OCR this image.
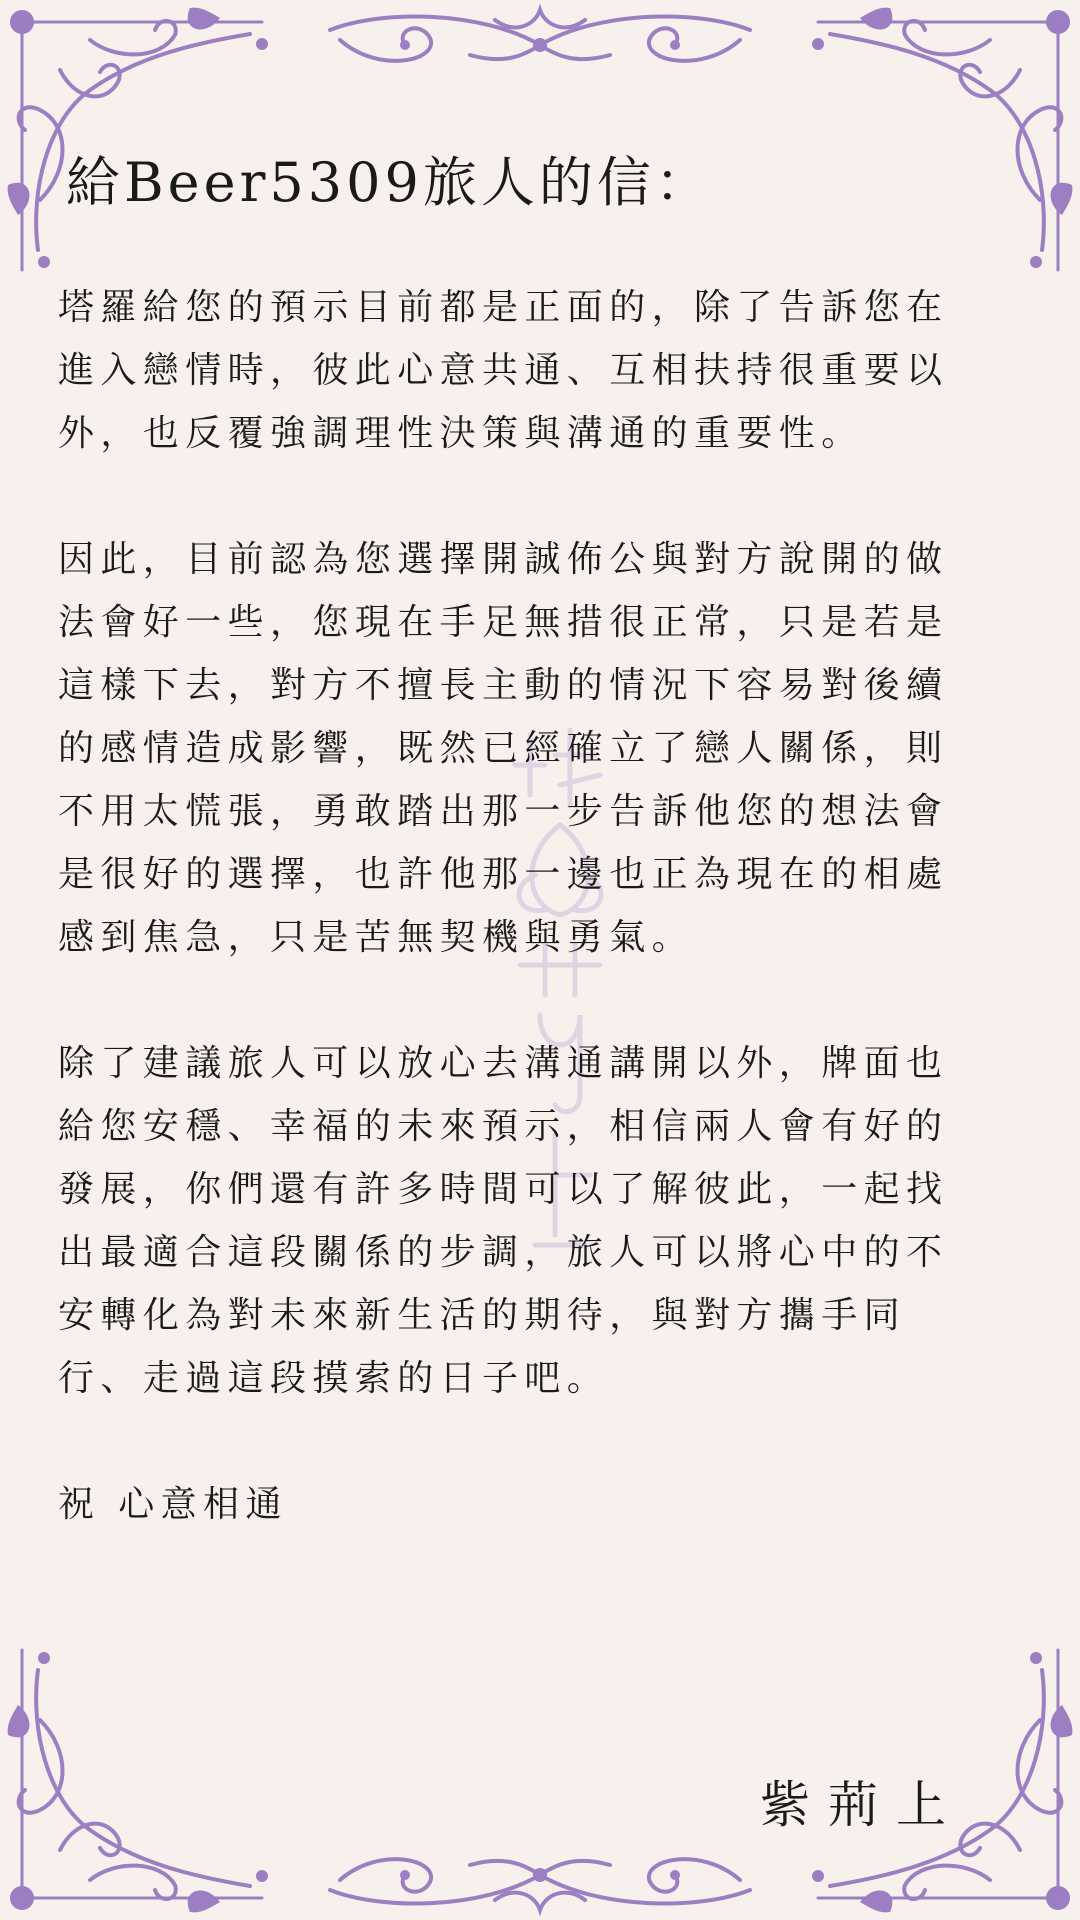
給Beer5309旅人的信：

塔羅給您的預示目前都是正面的，除了告訴您在
進入戀情時，彼此心意共通、互相扶持很重要以
外，也反覆強調理性決策與溝通的重要性。

因此，目前認為您選擇開誠佈公與對方說開的做
法會好一些，您現在手足無措很正常，只是若是
這樣下去，對方不擅長主動的情況下容易對後續
的感情造成影響，既然已經確立了戀人關係，則
不用太慌張，勇敢踏出那一步告訴他您的想法會
是很好的選擇，也許他那一邊也正為現在的相處
感到焦急，只是苦無契機與勇氣。

除了建議旅人可以放心去溝通講開以外，牌面也
給您安穩、幸福的未來預示，相信兩人會有好的
發展，你們還有許多時間可以了解彼此，一起找
出最適合這段關係的步調，旅人可以將心中的不
安轉化為對未來新生活的期待，與對方攜手同
行、走過這段摸索的日子吧。

祝 心意相通

紫荊上
